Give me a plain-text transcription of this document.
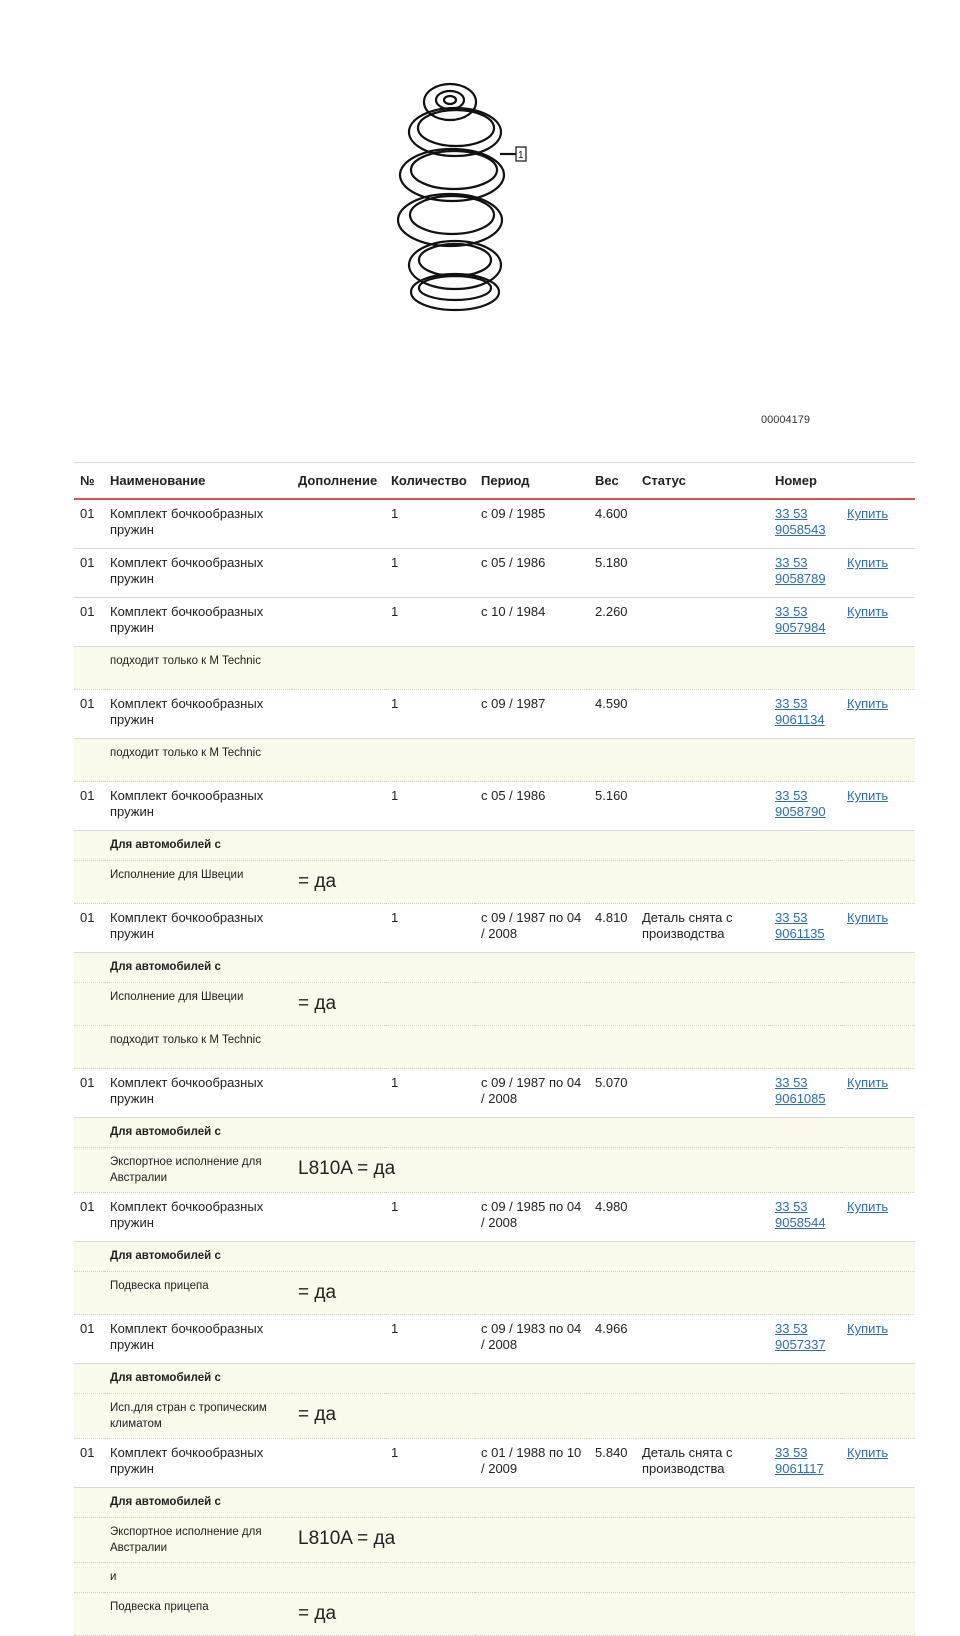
1
00004179
№	Наименование	Дополнение	Количество	Период	Вес	Статус	Номер	
01	Комплект бочкообразных пружин		1	с 09 / 1985	4.600		33 53 9058543	Купить
01	Комплект бочкообразных пружин		1	с 05 / 1986	5.180		33 53 9058789	Купить
01	Комплект бочкообразных пружин		1	с 10 / 1984	2.260		33 53 9057984	Купить
	подходит только к M Technic							
01	Комплект бочкообразных пружин		1	с 09 / 1987	4.590		33 53 9061134	Купить
	подходит только к M Technic							
01	Комплект бочкообразных пружин		1	с 05 / 1986	5.160		33 53 9058790	Купить
	Для автомобилей с							
	Исполнение для Швеции	= да						
01	Комплект бочкообразных пружин		1	с 09 / 1987 по 04 / 2008	4.810	Деталь снята с производства	33 53 9061135	Купить
	Для автомобилей с							
	Исполнение для Швеции	= да						
	подходит только к M Technic							
01	Комплект бочкообразных пружин		1	с 09 / 1987 по 04 / 2008	5.070		33 53 9061085	Купить
	Для автомобилей с							
	Экспортное исполнение для Австралии	L810A = да						
01	Комплект бочкообразных пружин		1	с 09 / 1985 по 04 / 2008	4.980		33 53 9058544	Купить
	Для автомобилей с							
	Подвеска прицепа	= да						
01	Комплект бочкообразных пружин		1	с 09 / 1983 по 04 / 2008	4.966		33 53 9057337	Купить
	Для автомобилей с							
	Исп.для стран с тропическим климатом	= да						
01	Комплект бочкообразных пружин		1	с 01 / 1988 по 10 / 2009	5.840	Деталь снята с производства	33 53 9061117	Купить
	Для автомобилей с							
	Экспортное исполнение для Австралии	L810A = да						
	и							
	Подвеска прицепа	= да						
